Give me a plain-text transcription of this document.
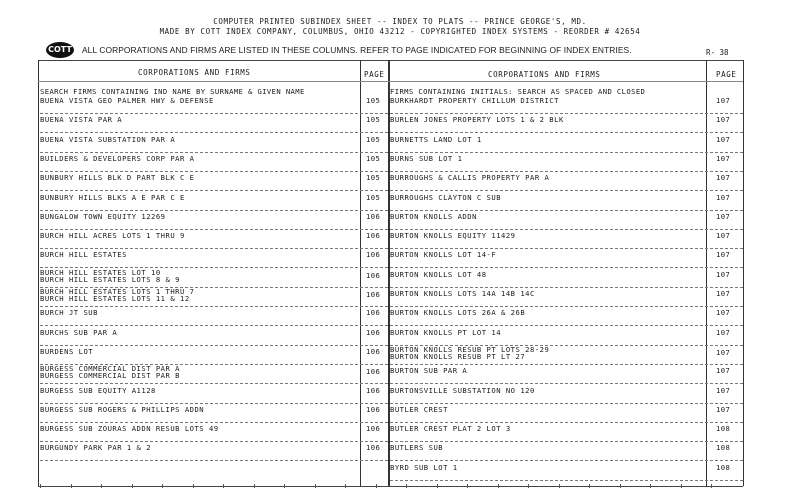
COMPUTER PRINTED SUBINDEX SHEET -- INDEX TO PLATS -- PRINCE GEORGE'S, MD.
MADE BY COTT INDEX COMPANY, COLUMBUS, OHIO 43212 - COPYRIGHTED INDEX SYSTEMS - REORDER # 42654
COTT ALL CORPORATIONS AND FIRMS ARE LISTED IN THESE COLUMNS. REFER TO PAGE INDICATED FOR BEGINNING OF INDEX ENTRIES.	R- 38
CORPORATIONS AND FIRMS	PAGE	CORPORATIONS AND FIRMS	PAGE
SEARCH FIRMS CONTAINING IND NAME BY SURNAME & GIVEN NAME	FIRMS CONTAINING INITIALS: SEARCH AS SPACED AND CLOSED
BUENA VISTA GEO PALMER HWY & DEFENSE	105
BUENA VISTA PAR A	105
BUENA VISTA SUBSTATION PAR A	105
BUILDERS & DEVELOPERS CORP PAR A	105
BUNBURY HILLS BLK D PART BLK C E	105
BUNBURY HILLS BLKS A E PAR C E	105
BUNGALOW TOWN EQUITY 12269	106
BURCH HILL ACRES LOTS 1 THRU 9	106
BURCH HILL ESTATES	106
BURCH HILL ESTATES LOT 10
BURCH HILL ESTATES LOTS 8 & 9	106
BURCH HILL ESTATES LOTS 1 THRU 7
BURCH HILL ESTATES LOTS 11 & 12	106
BURCH JT SUB	106
BURCHS SUB PAR A	106
BURDENS LOT	106
BURGESS COMMERCIAL DIST PAR A
BURGESS COMMERCIAL DIST PAR B	106
BURGESS SUB EQUITY A1128	106
BURGESS SUB ROGERS & PHILLIPS ADDN	106
BURGESS SUB ZOURAS ADDN RESUB LOTS 49	106
BURGUNDY PARK PAR 1 & 2	106
BURKHARDT PROPERTY CHILLUM DISTRICT	107
BURLEN JONES PROPERTY LOTS 1 & 2 BLK	107
BURNETTS LAND LOT 1	107
BURNS SUB LOT 1	107
BURROUGHS & CALLIS PROPERTY PAR A	107
BURROUGHS CLAYTON C SUB	107
BURTON KNOLLS ADDN	107
BURTON KNOLLS EQUITY 11429	107
BURTON KNOLLS LOT 14-F	107
BURTON KNOLLS LOT 48	107
BURTON KNOLLS LOTS 14A 14B 14C	107
BURTON KNOLLS LOTS 26A & 26B	107
BURTON KNOLLS PT LOT 14	107
BURTON KNOLLS RESUB PT LOTS 28-29
BURTON KNOLLS RESUB PT LT 27	107
BURTON SUB PAR A	107
BURTONSVILLE SUBSTATION NO 120	107
BUTLER CREST	107
BUTLER CREST PLAT 2 LOT 3	108
BUTLERS SUB	108
BYRD SUB LOT 1	108
